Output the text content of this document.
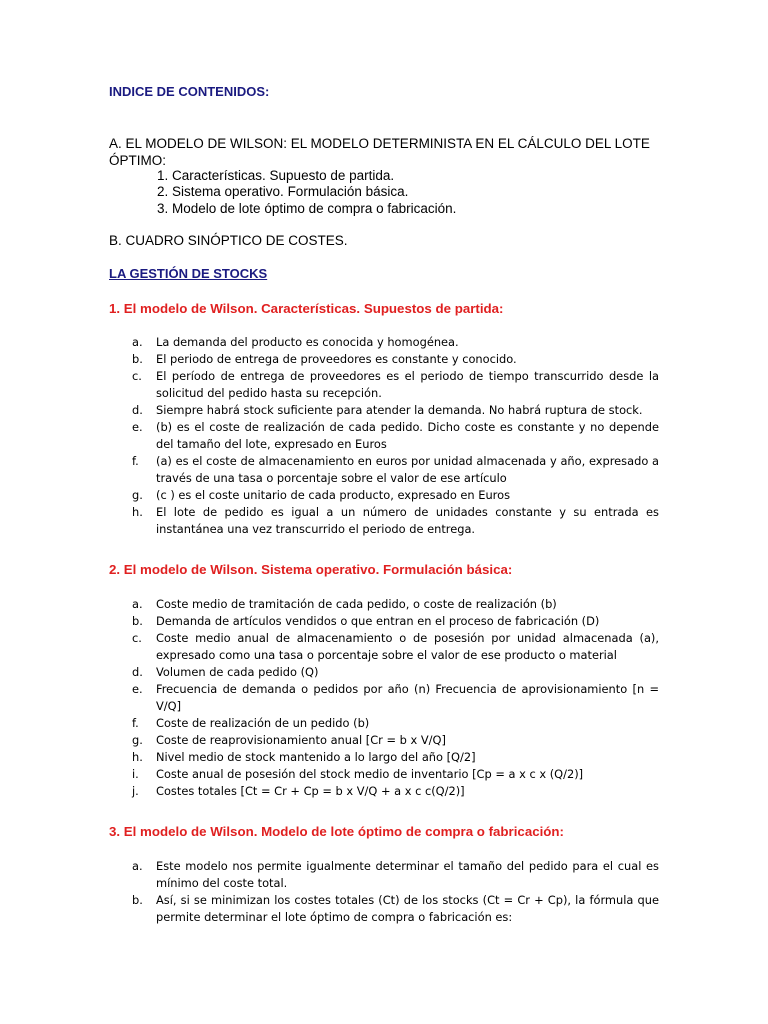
INDICE DE CONTENIDOS:
A. EL MODELO DE WILSON: EL MODELO DETERMINISTA EN EL CÁLCULO DEL LOTE ÓPTIMO:
1. Características. Supuesto de partida.
2. Sistema operativo. Formulación básica.
3. Modelo de lote óptimo de compra o fabricación.
B. CUADRO SINÓPTICO DE COSTES.
LA GESTIÓN DE STOCKS
1. El modelo de Wilson. Características. Supuestos de partida:
a. La demanda del producto es conocida y homogénea.
b. El periodo de entrega de proveedores es constante y conocido.
c. El período de entrega de proveedores es el periodo de tiempo transcurrido desde la solicitud del pedido hasta su recepción.
d. Siempre habrá stock suficiente para atender la demanda. No habrá ruptura de stock.
e. (b) es el coste de realización de cada pedido. Dicho coste es constante y no depende del tamaño del lote, expresado en Euros
f. (a) es el coste de almacenamiento en euros por unidad almacenada y año, expresado a través de una tasa o porcentaje sobre el valor de ese artículo
g. (c ) es el coste unitario de cada producto, expresado en Euros
h. El lote de pedido es igual a un número de unidades constante y su entrada es instantánea una vez transcurrido el periodo de entrega.
2. El modelo de Wilson. Sistema operativo. Formulación básica:
a. Coste medio de tramitación de cada pedido, o coste de realización (b)
b. Demanda de artículos vendidos o que entran en el proceso de fabricación (D)
c. Coste medio anual de almacenamiento o de posesión por unidad almacenada (a), expresado como una tasa o porcentaje sobre el valor de ese producto o material
d. Volumen de cada pedido (Q)
e. Frecuencia de demanda o pedidos por año (n) Frecuencia de aprovisionamiento [n = V/Q]
f. Coste de realización de un pedido (b)
g. Coste de reaprovisionamiento anual [Cr = b x V/Q]
h. Nivel medio de stock mantenido a lo largo del año [Q/2]
i. Coste anual de posesión del stock medio de inventario [Cp = a x c x (Q/2)]
j. Costes totales [Ct = Cr + Cp = b x V/Q + a x c c(Q/2)]
3. El modelo de Wilson. Modelo de lote óptimo de compra o fabricación:
a. Este modelo nos permite igualmente determinar el tamaño del pedido para el cual es mínimo del coste total.
b. Así, si se minimizan los costes totales (Ct) de los stocks (Ct = Cr + Cp), la fórmula que permite determinar el lote óptimo de compra o fabricación es:
